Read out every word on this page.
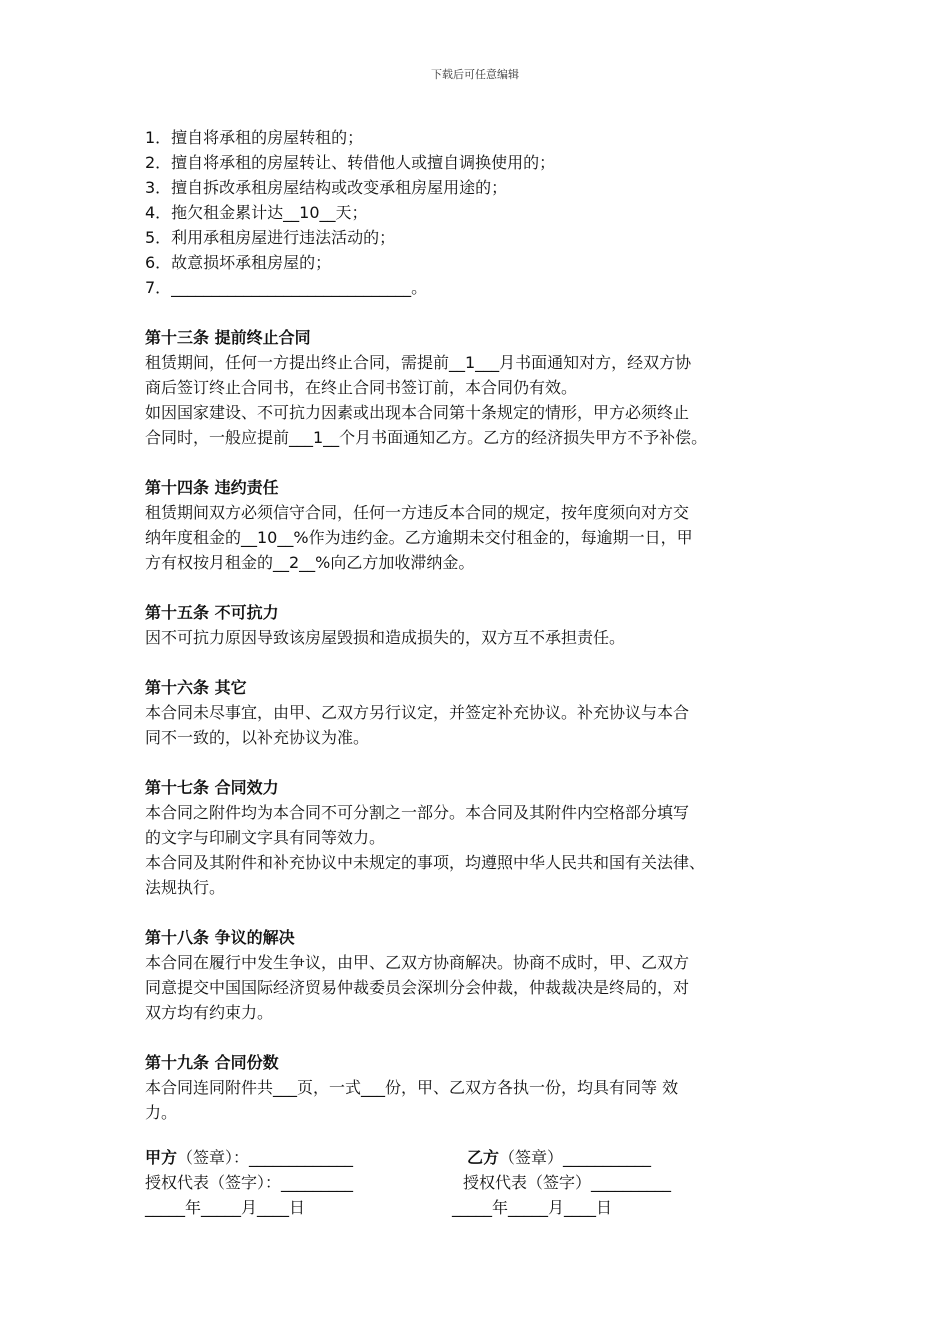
下载后可任意编辑
1．擅自将承租的房屋转租的；
2．擅自将承租的房屋转让、转借他人或擅自调换使用的；
3．擅自拆改承租房屋结构或改变承租房屋用途的；
4．拖欠租金累计达__10__天；
5．利用承租房屋进行违法活动的；
6．故意损坏承租房屋的；
7．______________________________。
第十三条 提前终止合同
租赁期间，任何一方提出终止合同，需提前__1___月书面通知对方，经双方协
商后签订终止合同书，在终止合同书签订前，本合同仍有效。
如因国家建设、不可抗力因素或出现本合同第十条规定的情形，甲方必须终止
合同时，一般应提前___1__个月书面通知乙方。乙方的经济损失甲方不予补偿。
第十四条 违约责任
租赁期间双方必须信守合同，任何一方违反本合同的规定，按年度须向对方交
纳年度租金的__10__%作为违约金。乙方逾期未交付租金的，每逾期一日，甲
方有权按月租金的__2__%向乙方加收滞纳金。
第十五条 不可抗力
因不可抗力原因导致该房屋毁损和造成损失的，双方互不承担责任。
第十六条 其它
本合同未尽事宜，由甲、乙双方另行议定，并签定补充协议。补充协议与本合
同不一致的，以补充协议为准。
第十七条 合同效力
本合同之附件均为本合同不可分割之一部分。本合同及其附件内空格部分填写
的文字与印刷文字具有同等效力。
本合同及其附件和补充协议中未规定的事项，均遵照中华人民共和国有关法律、
法规执行。
第十八条 争议的解决
本合同在履行中发生争议，由甲、乙双方协商解决。协商不成时，甲、乙双方
同意提交中国国际经济贸易仲裁委员会深圳分会仲裁，仲裁裁决是终局的，对
双方均有约束力。
第十九条 合同份数
本合同连同附件共___页，一式___份，甲、乙双方各执一份，均具有同等 效
力。

甲方（签章）：_____________

	乙方（签章）___________

授权代表（签字）：_________

	授权代表（签字）__________

_____年_____月____日

	_____年_____月____日
